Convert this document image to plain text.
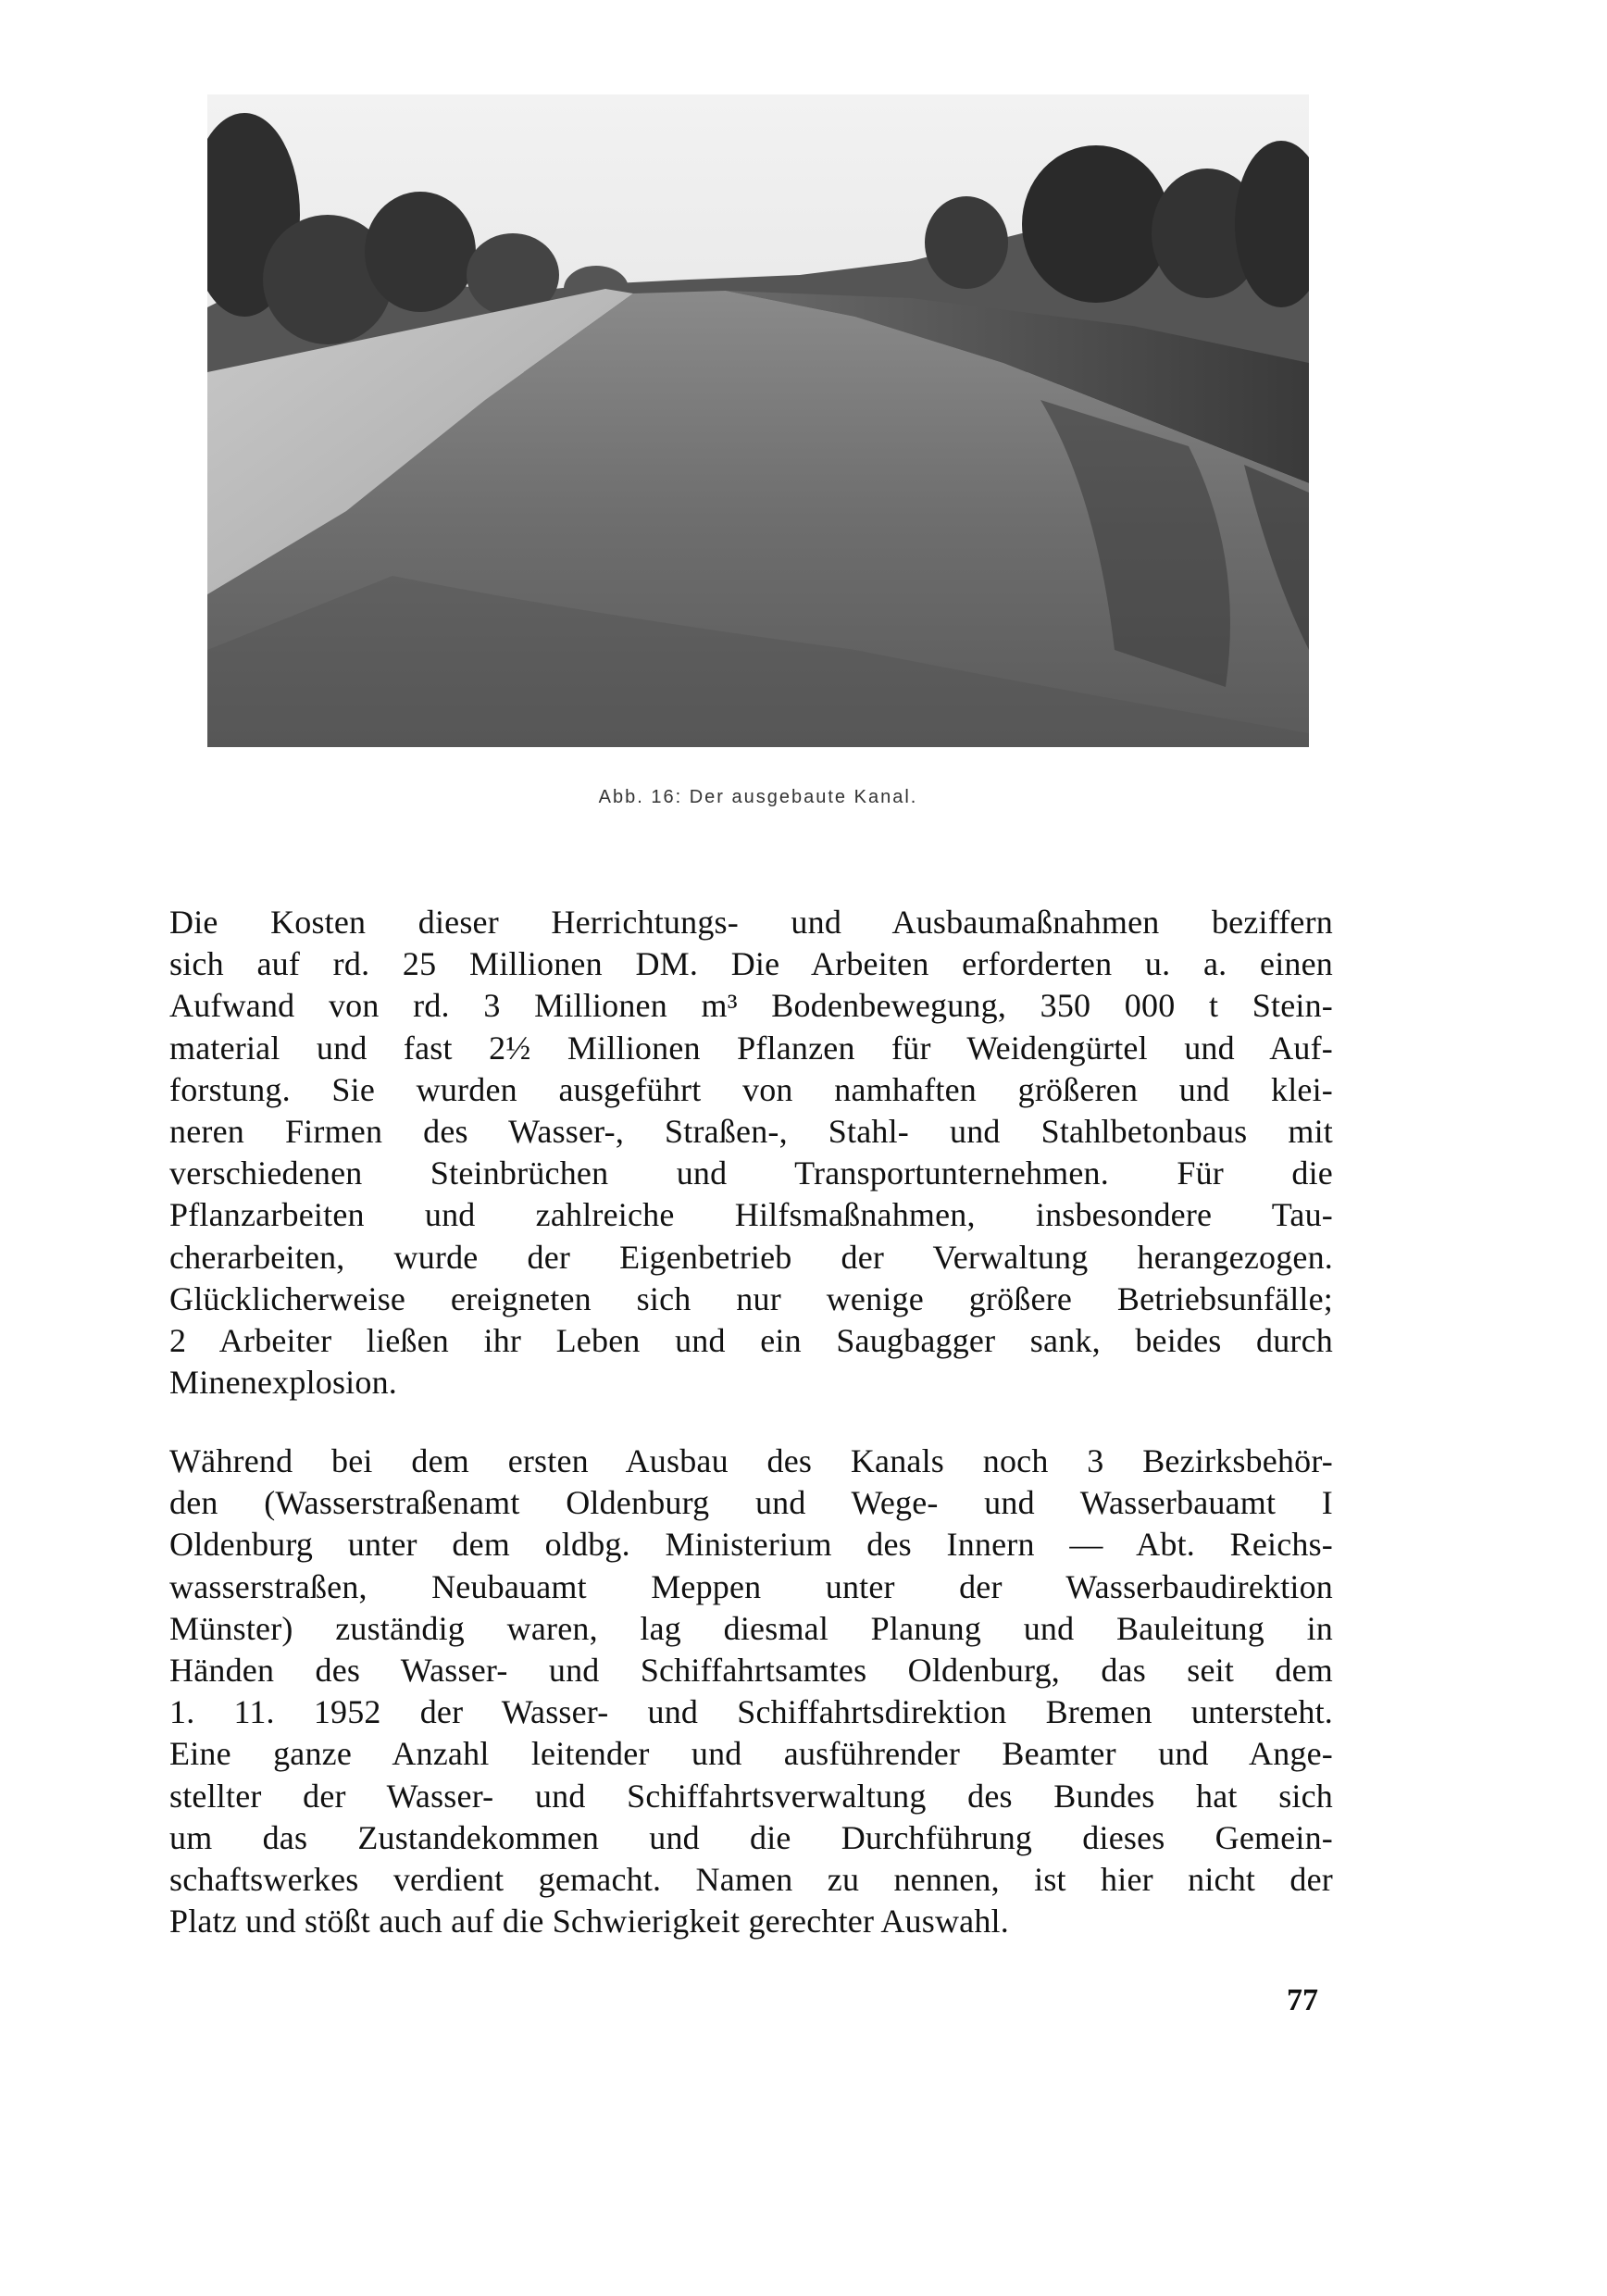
Abb. 16: Der ausgebaute Kanal.
Die Kosten dieser Herrichtungs- und Ausbaumaßnahmen beziffern
sich auf rd. 25 Millionen DM. Die Arbeiten erforderten u. a. einen
Aufwand von rd. 3 Millionen m³ Bodenbewegung, 350 000 t Stein-
material und fast 2½ Millionen Pflanzen für Weidengürtel und Auf-
forstung. Sie wurden ausgeführt von namhaften größeren und klei-
neren Firmen des Wasser-, Straßen-, Stahl- und Stahlbetonbaus mit
verschiedenen Steinbrüchen und Transportunternehmen. Für die
Pflanzarbeiten und zahlreiche Hilfsmaßnahmen, insbesondere Tau-
cherarbeiten, wurde der Eigenbetrieb der Verwaltung herangezogen.
Glücklicherweise ereigneten sich nur wenige größere Betriebsunfälle;
2 Arbeiter ließen ihr Leben und ein Saugbagger sank, beides durch
Minenexplosion.
Während bei dem ersten Ausbau des Kanals noch 3 Bezirksbehör-
den (Wasserstraßenamt Oldenburg und Wege- und Wasserbauamt I
Oldenburg unter dem oldbg. Ministerium des Innern — Abt. Reichs-
wasserstraßen, Neubauamt Meppen unter der Wasserbaudirektion
Münster) zuständig waren, lag diesmal Planung und Bauleitung in
Händen des Wasser- und Schiffahrtsamtes Oldenburg, das seit dem
1. 11. 1952 der Wasser- und Schiffahrtsdirektion Bremen untersteht.
Eine ganze Anzahl leitender und ausführender Beamter und Ange-
stellter der Wasser- und Schiffahrtsverwaltung des Bundes hat sich
um das Zustandekommen und die Durchführung dieses Gemein-
schaftswerkes verdient gemacht. Namen zu nennen, ist hier nicht der
Platz und stößt auch auf die Schwierigkeit gerechter Auswahl.
77
